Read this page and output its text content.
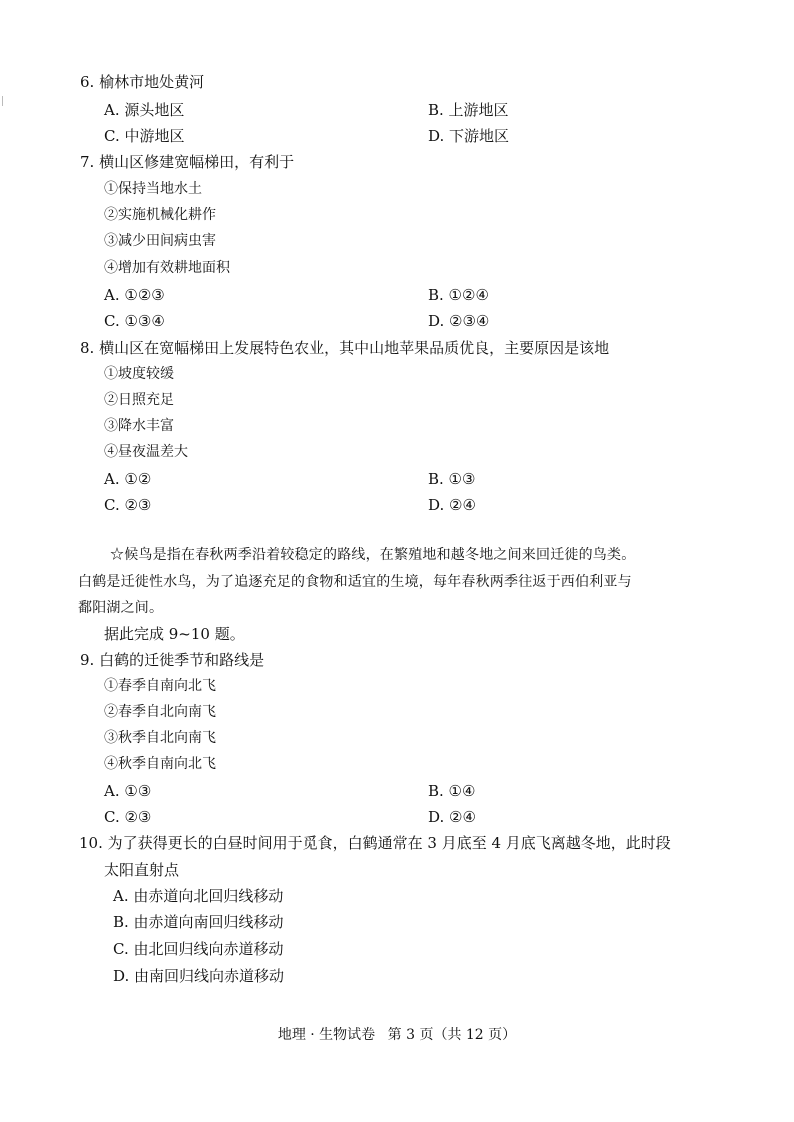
6. 榆林市地处黄河
A. 源头地区	B. 上游地区
C. 中游地区	D. 下游地区
7. 横山区修建宽幅梯田，有利于
①保持当地水土
②实施机械化耕作
③减少田间病虫害
④增加有效耕地面积
A. ①②③	B. ①②④
C. ①③④	D. ②③④
8. 横山区在宽幅梯田上发展特色农业，其中山地苹果品质优良，主要原因是该地
①坡度较缓
②日照充足
③降水丰富
④昼夜温差大
A. ①②	B. ①③
C. ②③	D. ②④
☆候鸟是指在春秋两季沿着较稳定的路线，在繁殖地和越冬地之间来回迁徙的鸟类。
白鹤是迁徙性水鸟，为了追逐充足的食物和适宜的生境，每年春秋两季往返于西伯利亚与
鄱阳湖之间。
据此完成 9~10 题。
9. 白鹤的迁徙季节和路线是
①春季自南向北飞
②春季自北向南飞
③秋季自北向南飞
④秋季自南向北飞
A. ①③	B. ①④
C. ②③	D. ②④
10. 为了获得更长的白昼时间用于觅食，白鹤通常在 3 月底至 4 月底飞离越冬地，此时段
太阳直射点
A. 由赤道向北回归线移动
B. 由赤道向南回归线移动
C. 由北回归线向赤道移动
D. 由南回归线向赤道移动
地理 · 生物试卷 第 3 页（共 12 页）
